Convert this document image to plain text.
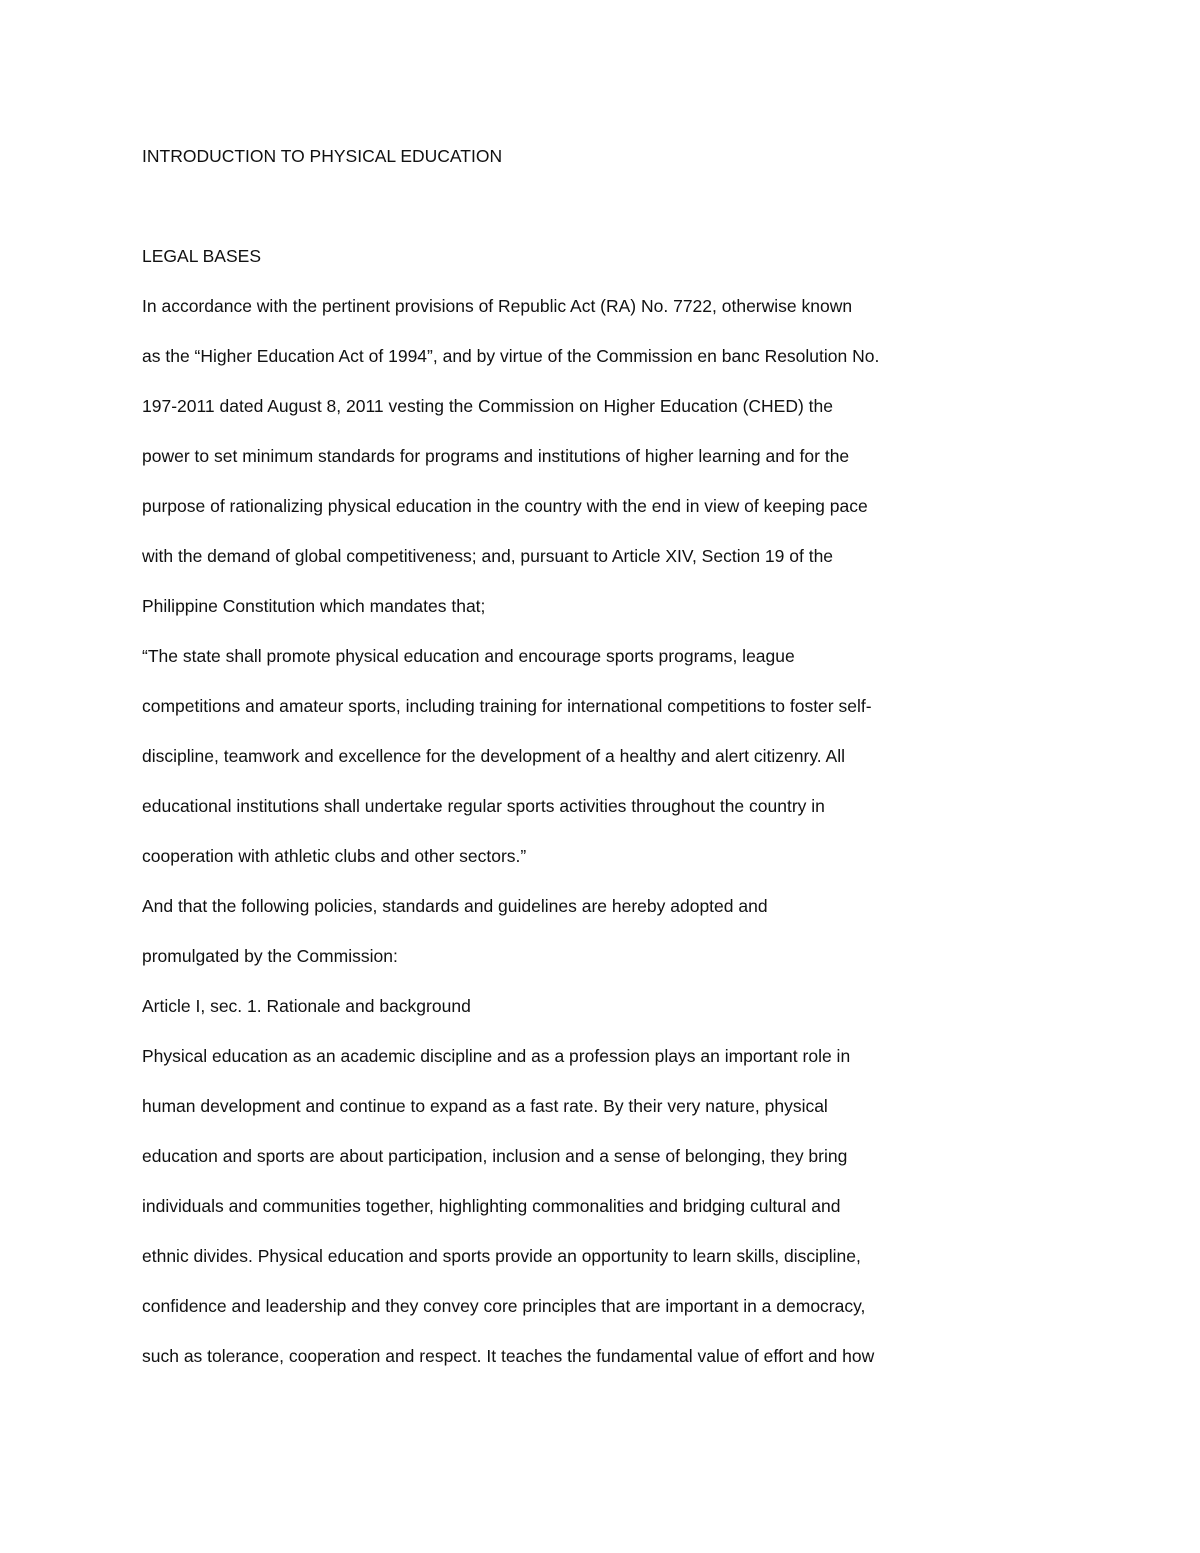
INTRODUCTION TO PHYSICAL EDUCATION

LEGAL BASES

In accordance with the pertinent provisions of Republic Act (RA) No. 7722, otherwise known

as the “Higher Education Act of 1994”, and by virtue of the Commission en banc Resolution No.

197-2011 dated August 8, 2011 vesting the Commission on Higher Education (CHED) the

power to set minimum standards for programs and institutions of higher learning and for the

purpose of rationalizing physical education in the country with the end in view of keeping pace

with the demand of global competitiveness; and, pursuant to Article XIV, Section 19 of the

Philippine Constitution which mandates that;

“The state shall promote physical education and encourage sports programs, league

competitions and amateur sports, including training for international competitions to foster self-

discipline, teamwork and excellence for the development of a healthy and alert citizenry. All

educational institutions shall undertake regular sports activities throughout the country in

cooperation with athletic clubs and other sectors.”

And that the following policies, standards and guidelines are hereby adopted and

promulgated by the Commission:

Article I, sec. 1. Rationale and background

Physical education as an academic discipline and as a profession plays an important role in

human development and continue to expand as a fast rate. By their very nature, physical

education and sports are about participation, inclusion and a sense of belonging, they bring

individuals and communities together, highlighting commonalities and bridging cultural and

ethnic divides. Physical education and sports provide an opportunity to learn skills, discipline,

confidence and leadership and they convey core principles that are important in a democracy,

such as tolerance, cooperation and respect. It teaches the fundamental value of effort and how
